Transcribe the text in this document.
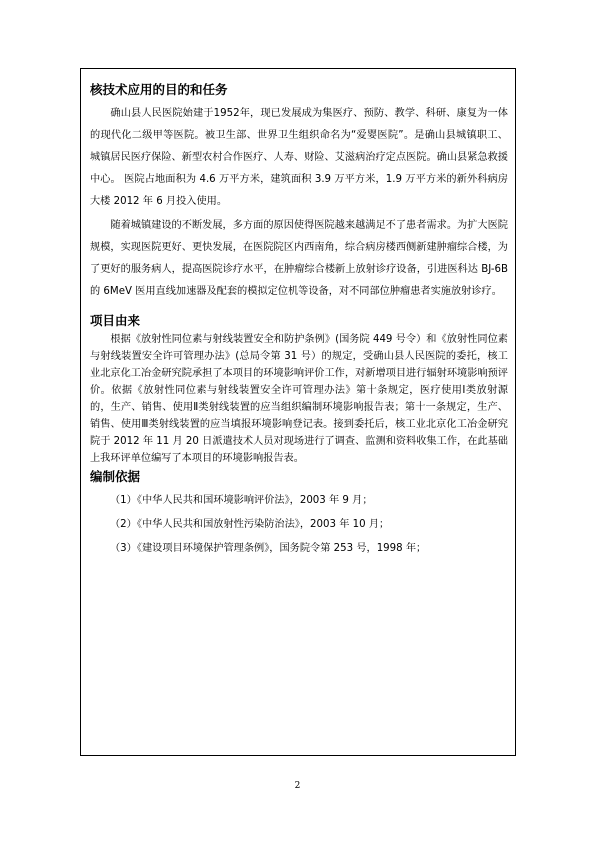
核技术应用的目的和任务
确山县人民医院始建于1952年，现已发展成为集医疗、预防、教学、科研、康复为一体的现代化二级甲等医院。被卫生部、世界卫生组织命名为“爱婴医院”。是确山县城镇职工、城镇居民医疗保险、新型农村合作医疗、人寿、财险、艾滋病治疗定点医院。确山县紧急救援中心。 医院占地面积为 4.6 万平方米，建筑面积 3.9 万平方米，1.9 万平方米的新外科病房大楼 2012 年 6 月投入使用。
随着城镇建设的不断发展，多方面的原因使得医院越来越满足不了患者需求。为扩大医院规模，实现医院更好、更快发展，在医院院区内西南角，综合病房楼西侧新建肿瘤综合楼，为了更好的服务病人，提高医院诊疗水平，在肿瘤综合楼新上放射诊疗设备，引进医科达 BJ-6B 的 6MeV 医用直线加速器及配套的模拟定位机等设备，对不同部位肿瘤患者实施放射诊疗。
项目由来
根据《放射性同位素与射线装置安全和防护条例》(国务院 449 号令）和《放射性同位素与射线装置安全许可管理办法》(总局令第 31 号）的规定，受确山县人民医院的委托，核工业北京化工冶金研究院承担了本项目的环境影响评价工作，对新增项目进行辐射环境影响预评价。依据《放射性同位素与射线装置安全许可管理办法》第十条规定，医疗使用Ⅰ类放射源的，生产、销售、使用Ⅱ类射线装置的应当组织编制环境影响报告表；第十一条规定，生产、销售、使用Ⅲ类射线装置的应当填报环境影响登记表。接到委托后，核工业北京化工冶金研究院于 2012 年 11 月 20 日派遣技术人员对现场进行了调查、监测和资料收集工作，在此基础上我环评单位编写了本项目的环境影响报告表。
编制依据
（1）《中华人民共和国环境影响评价法》，2003 年 9 月；
（2）《中华人民共和国放射性污染防治法》，2003 年 10 月；
（3）《建设项目环境保护管理条例》，国务院令第 253 号，1998 年；
2
